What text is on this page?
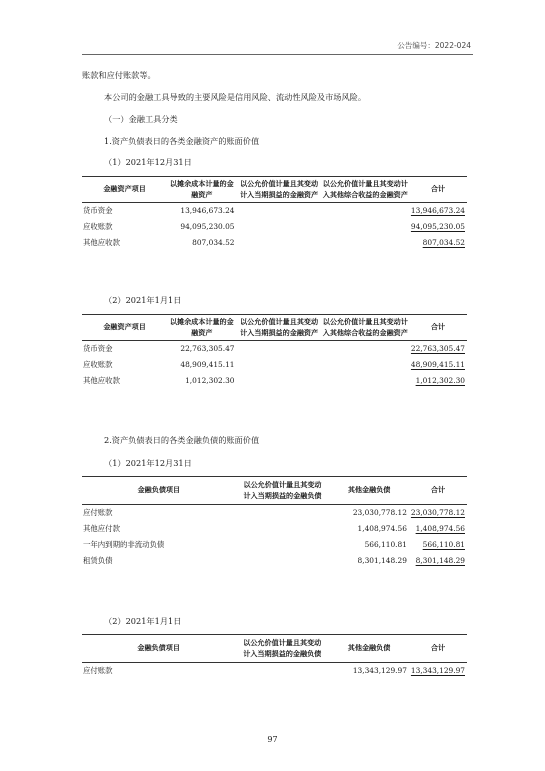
公告编号：2022-024
账款和应付账款等。
本公司的金融工具导致的主要风险是信用风险、流动性风险及市场风险。
（一）金融工具分类
1.资产负债表日的各类金融资产的账面价值
（1）2021年12月31日
金融资产项目	以摊余成本计量的金融资产	以公允价值计量且其变动计入当期损益的金融资产	以公允价值计量且其变动计入其他综合收益的金融资产	合计
货币资金	13,946,673.24			13,946,673.24
应收账款	94,095,230.05			94,095,230.05
其他应收款	807,034.52			807,034.52
（2）2021年1月1日
金融资产项目	以摊余成本计量的金融资产	以公允价值计量且其变动计入当期损益的金融资产	以公允价值计量且其变动计入其他综合收益的金融资产	合计
货币资金	22,763,305.47			22,763,305.47
应收账款	48,909,415.11			48,909,415.11
其他应收款	1,012,302.30			1,012,302.30
2.资产负债表日的各类金融负债的账面价值
（1）2021年12月31日
金融负债项目	以公允价值计量且其变动计入当期损益的金融负债	其他金融负债	合计
应付账款		23,030,778.12	23,030,778.12
其他应付款		1,408,974.56	1,408,974.56
一年内到期的非流动负债		566,110.81	566,110.81
租赁负债		8,301,148.29	8,301,148.29
（2）2021年1月1日
金融负债项目	以公允价值计量且其变动计入当期损益的金融负债	其他金融负债	合计
应付账款		13,343,129.97	13,343,129.97
97
